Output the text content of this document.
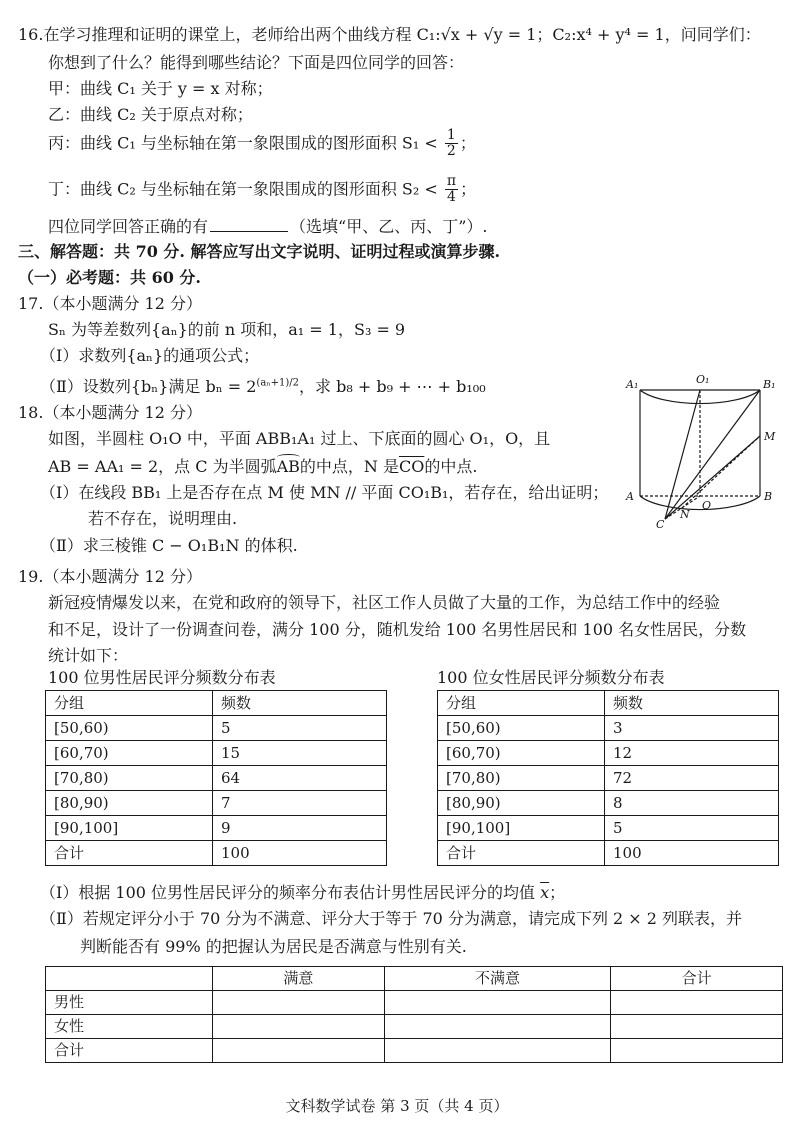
16.在学习推理和证明的课堂上，老师给出两个曲线方程 C₁:√x + √y = 1；C₂:x⁴ + y⁴ = 1，问同学们：
你想到了什么？能得到哪些结论？下面是四位同学的回答：
甲：曲线 C₁ 关于 y = x 对称；
乙：曲线 C₂ 关于原点对称；
丙：曲线 C₁ 与坐标轴在第一象限围成的图形面积 $S_1 < \frac{1}{2}$ ；
丁：曲线 C₂ 与坐标轴在第一象限围成的图形面积 $S_2 < \frac{\pi}{4}$ ；
四位同学回答正确的有	（选填“甲、乙、丙、丁”）.
三、解答题：共 70 分. 解答应写出文字说明、证明过程或演算步骤.
（一）必考题：共 60 分.
17.（本小题满分 12 分）
Sₙ 为等差数列{aₙ}的前 n 项和，a₁ = 1，S₃ = 9
（Ⅰ）求数列{aₙ}的通项公式；
（Ⅱ）设数列{bₙ}满足 $b_n = 2^{(a_n+1)/2}$，求 b₈ + b₉ + ⋯ + b₁₀₀
18.（本小题满分 12 分）
如图，半圆柱 O₁O 中，平面 ABB₁A₁ 过上、下底面的圆心 O₁，O，且
AB = AA₁ = 2，点 C 为半圆弧AB的中点，N 是$\overline{CO}$的中点.
（Ⅰ）在线段 BB₁ 上是否存在点 M 使 MN // 平面 CO₁B₁，若存在，给出证明；
若不存在，说明理由.
（Ⅱ）求三棱锥 C − O₁B₁N 的体积.
A₁	O₁	B₁
M
A	B
O
N
C
19.（本小题满分 12 分）
新冠疫情爆发以来，在党和政府的领导下，社区工作人员做了大量的工作，为总结工作中的经验
和不足，设计了一份调查问卷，满分 100 分，随机发给 100 名男性居民和 100 名女性居民，分数
统计如下：
100 位男性居民评分频数分布表	100 位女性居民评分频数分布表
分组	频数
[50,60)	5
[60,70)	15
[70,80)	64
[80,90)	7
[90,100]	9
合计	100
分组	频数
[50,60)	3
[60,70)	12
[70,80)	72
[80,90)	8
[90,100]	5
合计	100
（Ⅰ）根据 100 位男性居民评分的频率分布表估计男性居民评分的均值 $\overline{x}$；
（Ⅱ）若规定评分小于 70 分为不满意、评分大于等于 70 分为满意，请完成下列 2 × 2 列联表，并
判断能否有 99% 的把握认为居民是否满意与性别有关.
	满意	不满意	合计
男性			
女性			
合计			
文科数学试卷 第 3 页（共 4 页）
